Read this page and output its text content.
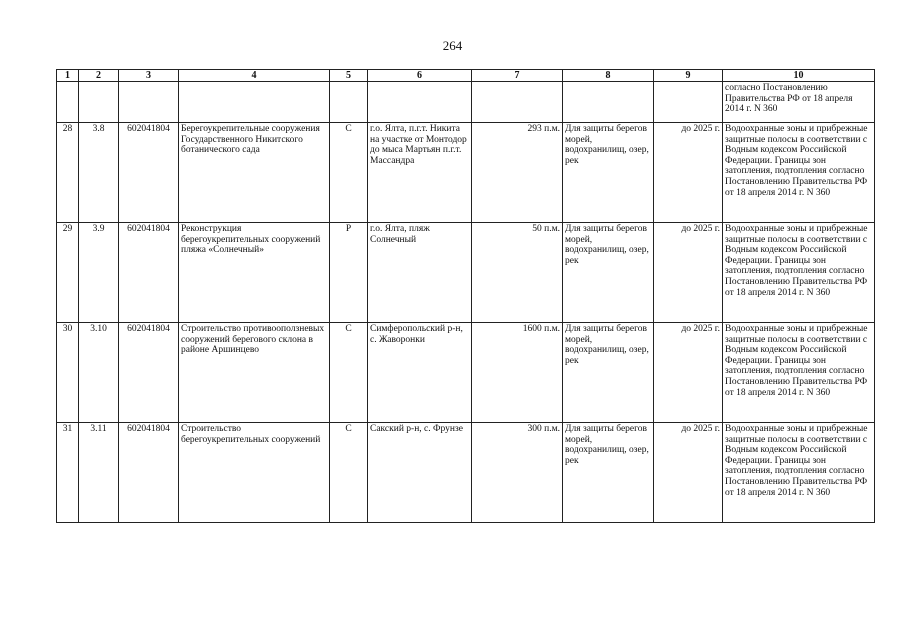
264
1	2	3	4	5	6	7	8	9	10
									согласно Постановлению Правительства РФ от 18 апреля 2014 г. N 360
28	3.8	602041804	Берегоукрепительные сооружения Государственного Никитского ботанического сада	С	г.о. Ялта, п.г.т. Никита на участке от Монтодор до мыса Мартьян п.г.т. Массандра	293 п.м.	Для защиты берегов морей, водохранилищ, озер, рек	до 2025 г.	Водоохранные зоны и прибрежные защитные полосы в соответствии с Водным кодексом Российской Федерации. Границы зон затопления, подтопления согласно Постановлению Правительства РФ от 18 апреля 2014 г. N 360
29	3.9	602041804	Реконструкция берегоукрепительных сооружений пляжа «Солнечный»	Р	г.о. Ялта, пляж Солнечный	50 п.м.	Для защиты берегов морей, водохранилищ, озер, рек	до 2025 г.	Водоохранные зоны и прибрежные защитные полосы в соответствии с Водным кодексом Российской Федерации. Границы зон затопления, подтопления согласно Постановлению Правительства РФ от 18 апреля 2014 г. N 360
30	3.10	602041804	Строительство противооползневых сооружений берегового склона в районе Аршинцево	С	Симферопольский р-н, с. Жаворонки	1600 п.м.	Для защиты берегов морей, водохранилищ, озер, рек	до 2025 г.	Водоохранные зоны и прибрежные защитные полосы в соответствии с Водным кодексом Российской Федерации. Границы зон затопления, подтопления согласно Постановлению Правительства РФ от 18 апреля 2014 г. N 360
31	3.11	602041804	Строительство берегоукрепительных сооружений	С	Сакский р-н, с. Фрунзе	300 п.м.	Для защиты берегов морей, водохранилищ, озер, рек	до 2025 г.	Водоохранные зоны и прибрежные защитные полосы в соответствии с Водным кодексом Российской Федерации. Границы зон затопления, подтопления согласно Постановлению Правительства РФ от 18 апреля 2014 г. N 360
